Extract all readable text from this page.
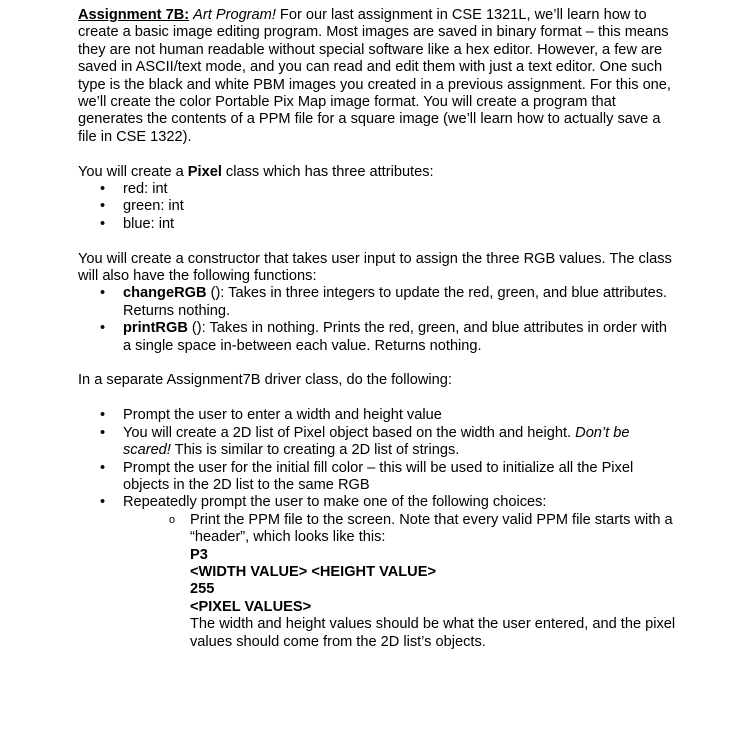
Assignment 7B: Art Program! For our last assignment in CSE 1321L, we’ll learn how to create a basic image editing program. Most images are saved in binary format – this means they are not human readable without special software like a hex editor. However, a few are saved in ASCII/text mode, and you can read and edit them with just a text editor. One such type is the black and white PBM images you created in a previous assignment. For this one, we’ll create the color Portable Pix Map image format. You will create a program that generates the contents of a PPM file for a square image (we’ll learn how to actually save a file in CSE 1322).

You will create a Pixel class which has three attributes:

• red: int
• green: int
• blue: int

You will create a constructor that takes user input to assign the three RGB values. The class will also have the following functions:

• changeRGB (): Takes in three integers to update the red, green, and blue attributes. Returns nothing.
• printRGB (): Takes in nothing. Prints the red, green, and blue attributes in order with a single space in-between each value. Returns nothing.

In a separate Assignment7B driver class, do the following:

• Prompt the user to enter a width and height value
• You will create a 2D list of Pixel object based on the width and height. Don’t be scared! This is similar to creating a 2D list of strings.
• Prompt the user for the initial fill color – this will be used to initialize all the Pixel objects in the 2D list to the same RGB
• Repeatedly prompt the user to make one of the following choices:
o Print the PPM file to the screen. Note that every valid PPM file starts with a “header”, which looks like this:
P3
<WIDTH VALUE> <HEIGHT VALUE>
255
<PIXEL VALUES>
The width and height values should be what the user entered, and the pixel values should come from the 2D list’s objects.
